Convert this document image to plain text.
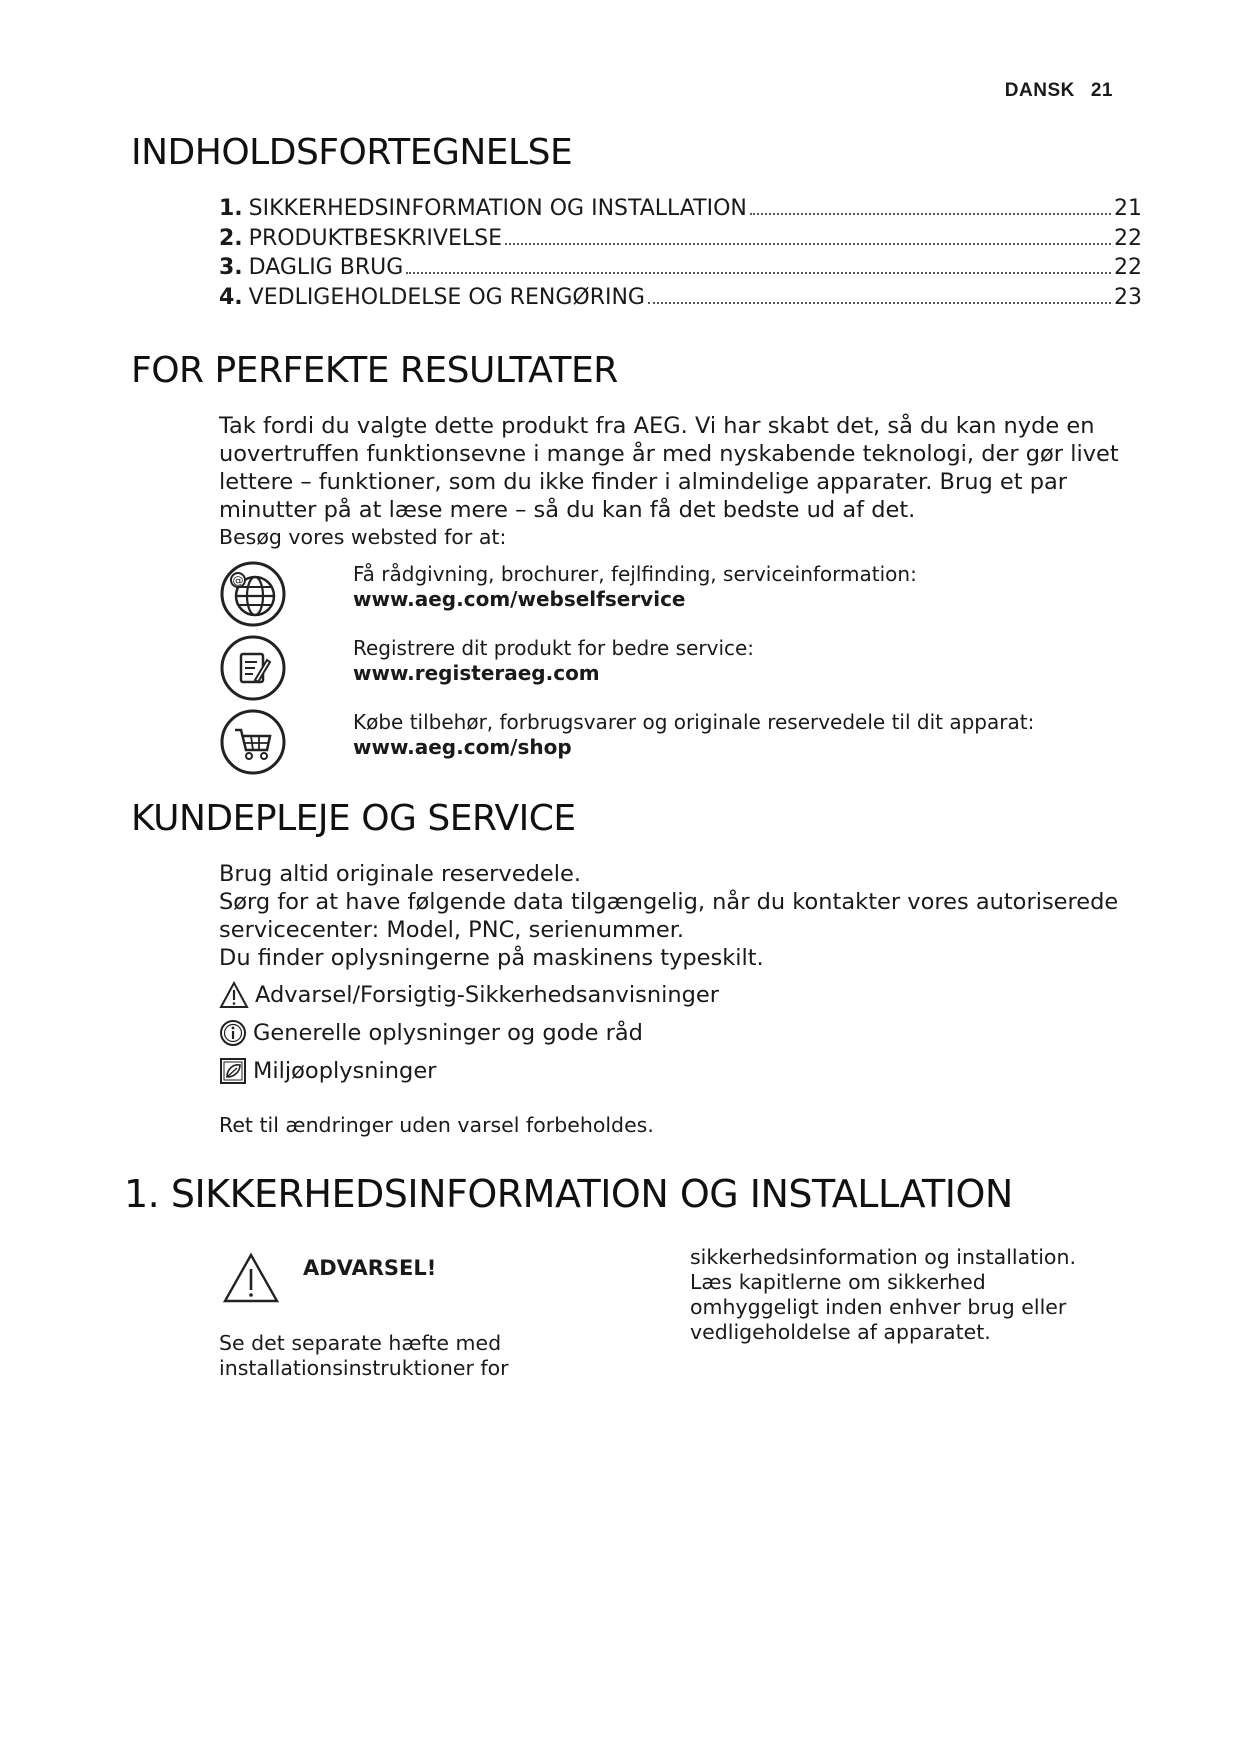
DANSK 21
INDHOLDSFORTEGNELSE
1. SIKKERHEDSINFORMATION OG INSTALLATION	21
2. PRODUKTBESKRIVELSE	22
3. DAGLIG BRUG	22
4. VEDLIGEHOLDELSE OG RENGØRING	23
FOR PERFEKTE RESULTATER

Tak fordi du valgte dette produkt fra AEG. Vi har skabt det, så du kan nyde en

uovertruffen funktionsevne i mange år med nyskabende teknologi, der gør livet

lettere – funktioner, som du ikke finder i almindelige apparater. Brug et par

minutter på at læse mere – så du kan få det bedste ud af det.

Besøg vores websted for at:

@	Få rådgivning, brochurer, fejlfinding, serviceinformation:
www.aeg.com/webselfservice
Registrere dit produkt for bedre service:
www.registeraeg.com
Købe tilbehør, forbrugsvarer og originale reservedele til dit apparat:
www.aeg.com/shop
KUNDEPLEJE OG SERVICE

Brug altid originale reservedele.

Sørg for at have følgende data tilgængelig, når du kontakter vores autoriserede

servicecenter: Model, PNC, serienummer.

Du finder oplysningerne på maskinens typeskilt.

Advarsel/Forsigtig-Sikkerhedsanvisninger
Generelle oplysninger og gode råd
Miljøoplysninger
Ret til ændringer uden varsel forbeholdes.
1. SIKKERHEDSINFORMATION OG INSTALLATION
ADVARSEL!
Se det separate hæfte med
installationsinstruktioner for
sikkerhedsinformation og installation.
Læs kapitlerne om sikkerhed
omhyggeligt inden enhver brug eller
vedligeholdelse af apparatet.
